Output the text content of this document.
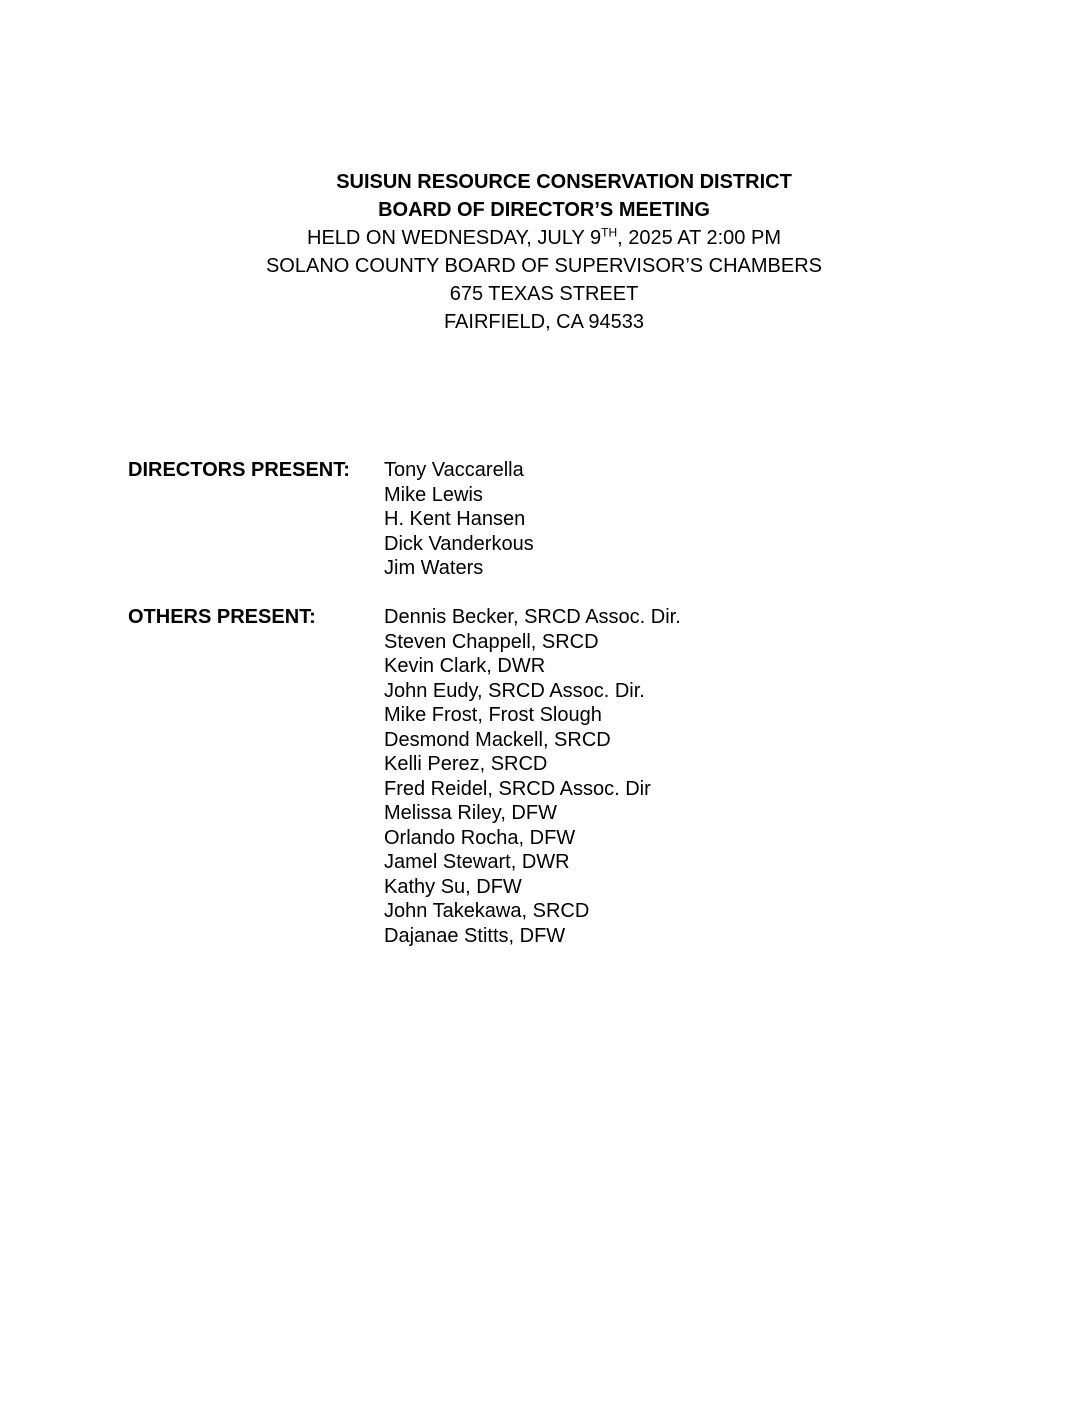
SUISUN RESOURCE CONSERVATION DISTRICT
BOARD OF DIRECTOR’S MEETING
HELD ON WEDNESDAY, JULY 9TH, 2025 AT 2:00 PM
SOLANO COUNTY BOARD OF SUPERVISOR’S CHAMBERS
675 TEXAS STREET
FAIRFIELD, CA 94533
DIRECTORS PRESENT: Tony Vaccarella
Mike Lewis
H. Kent Hansen
Dick Vanderkous
Jim Waters
OTHERS PRESENT:	Dennis Becker, SRCD Assoc. Dir.
Steven Chappell, SRCD
Kevin Clark, DWR
John Eudy, SRCD Assoc. Dir.
Mike Frost, Frost Slough
Desmond Mackell, SRCD
Kelli Perez, SRCD
Fred Reidel, SRCD Assoc. Dir
Melissa Riley, DFW
Orlando Rocha, DFW
Jamel Stewart, DWR
Kathy Su, DFW
John Takekawa, SRCD
Dajanae Stitts, DFW
